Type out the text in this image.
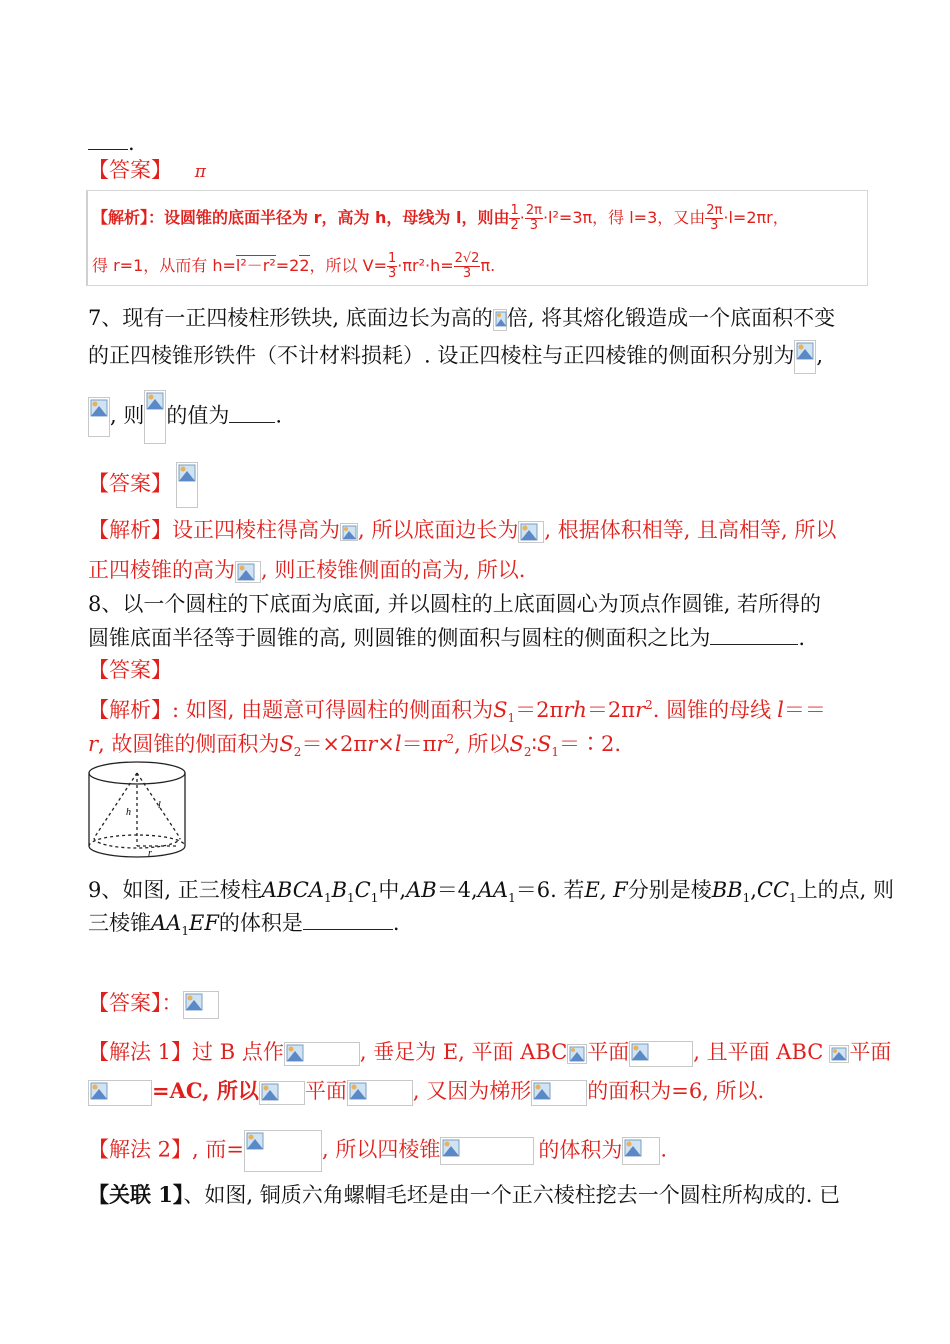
.
【答案】 π
【解析】：设圆锥的底面半径为 r，高为 h，母线为 l，则由 $\frac{1}{2} \cdot \frac{2\pi}{3} \cdot l^2=3\pi$，得 l=3，又由 $\frac{2\pi}{3} \cdot l=2\pi r$，
得 r=1，从而有 h=l²－r²=22，所以 $V= \frac{1}{3} \cdot\pi r^2\cdot h= \frac{2√2}{3} \pi$.
7、现有一正四棱柱形铁块, 底面边长为高的 倍, 将其熔化锻造成一个底面积不变
的正四棱锥形铁件（不计材料损耗）. 设正四棱柱与正四棱锥的侧面积分别为 ,
, 则 的值为 .
【答案】
【解析】设正四棱柱得高为 , 所以底面边长为 , 根据体积相等, 且高相等, 所以
正四棱锥的高为 , 则正棱锥侧面的高为, 所以.
8、以一个圆柱的下底面为底面, 并以圆柱的上底面圆心为顶点作圆锥, 若所得的
圆锥底面半径等于圆锥的高, 则圆锥的侧面积与圆柱的侧面积之比为	.
【答案】
【解析】: 如图, 由题意可得圆柱的侧面积为$S_1=2\pi rh=2\pi r^2$. 圆锥的母线 l＝＝
r, 故圆锥的侧面积为$S_2=\times 2\pi r\times l=\pi r^2$, 所以$S_2∶S_1=∶2$.
h
l
r
9、如图, 正三棱柱$ABCA_1B_1C_1$中$,AB=4,AA_1=6$. 若E, F分别是棱$BB_1,CC_1$上的点, 则
三棱锥$AA_1EF$的体积是	.
【答案】：
【解法 1】过 B 点作	, 垂足为 E, 平面 ABC 平面	, 且平面 ABC 平面
=AC, 所以 平面	, 又因为梯形	的面积为=6, 所以.
【解法 2】, 而=	, 所以四棱锥	的体积为 .
【关联 1】、如图, 铜质六角螺帽毛坯是由一个正六棱柱挖去一个圆柱所构成的. 已
